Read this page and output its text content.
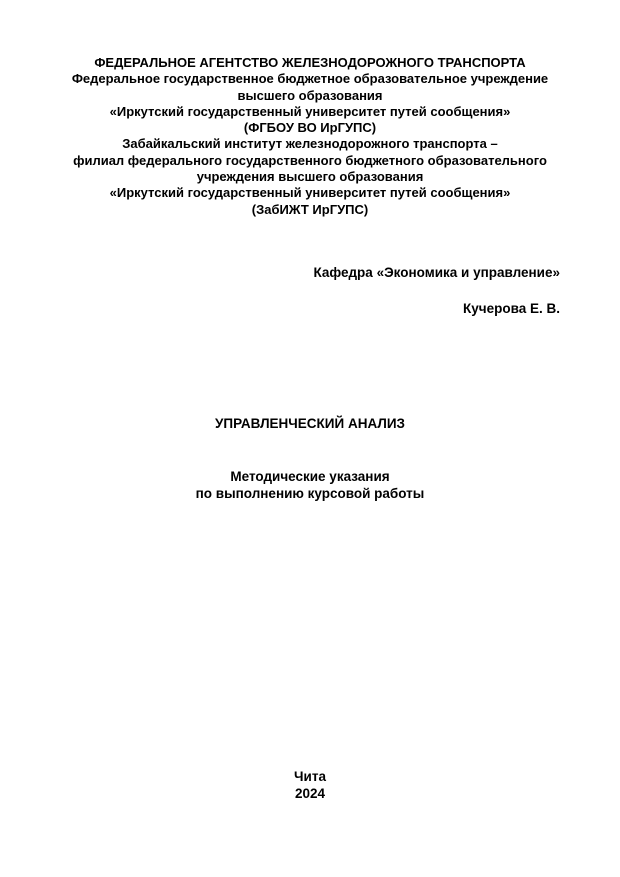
ФЕДЕРАЛЬНОЕ АГЕНТСТВО ЖЕЛЕЗНОДОРОЖНОГО ТРАНСПОРТА
Федеральное государственное бюджетное образовательное учреждение
высшего образования
«Иркутский государственный университет путей сообщения»
(ФГБОУ ВО ИрГУПС)
Забайкальский институт железнодорожного транспорта –
филиал федерального государственного бюджетного образовательного
учреждения высшего образования
«Иркутский государственный университет путей сообщения»
(ЗабИЖТ ИрГУПС)
Кафедра «Экономика и управление»
Кучерова Е. В.
УПРАВЛЕНЧЕСКИЙ АНАЛИЗ
Методические указания
по выполнению курсовой работы
Чита
2024
